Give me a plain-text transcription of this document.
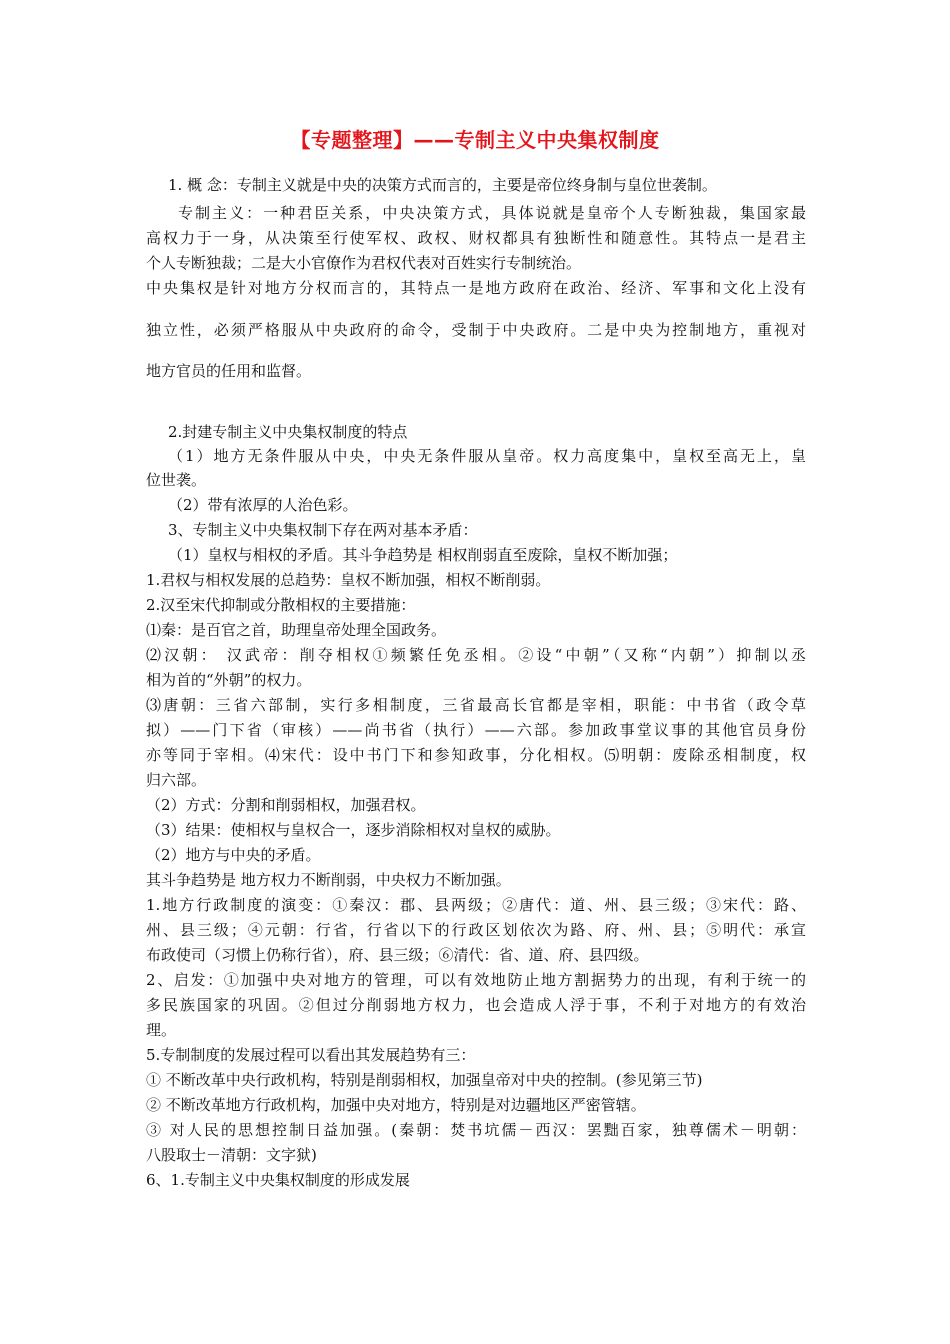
【专题整理】——专制主义中央集权制度
1. 概 念：专制主义就是中央的决策方式而言的，主要是帝位终身制与皇位世袭制。
专制主义：一种君臣关系，中央决策方式，具体说就是皇帝个人专断独裁，集国家最
高权力于一身，从决策至行使军权、政权、财权都具有独断性和随意性。其特点一是君主
个人专断独裁；二是大小官僚作为君权代表对百姓实行专制统治。
中央集权是针对地方分权而言的，其特点一是地方政府在政治、经济、军事和文化上没有
独立性，必须严格服从中央政府的命令，受制于中央政府。二是中央为控制地方，重视对
地方官员的任用和监督。
2.封建专制主义中央集权制度的特点
（1）地方无条件服从中央，中央无条件服从皇帝。权力高度集中，皇权至高无上，皇
位世袭。
（2）带有浓厚的人治色彩。
3、专制主义中央集权制下存在两对基本矛盾：
（1）皇权与相权的矛盾。其斗争趋势是 相权削弱直至废除，皇权不断加强；
1.君权与相权发展的总趋势：皇权不断加强，相权不断削弱。
2.汉至宋代抑制或分散相权的主要措施：
⑴秦：是百官之首，助理皇帝处理全国政务。
⑵汉朝： 汉武帝：削夺相权①频繁任免丞相。②设“中朝”（又称“内朝”）抑制以丞
相为首的“外朝”的权力。
⑶唐朝：三省六部制，实行多相制度，三省最高长官都是宰相，职能：中书省（政令草
拟）——门下省（审核）——尚书省（执行）——六部。参加政事堂议事的其他官员身份
亦等同于宰相。⑷宋代：设中书门下和参知政事，分化相权。⑸明朝：废除丞相制度，权
归六部。
（2）方式：分割和削弱相权，加强君权。
（3）结果：使相权与皇权合一，逐步消除相权对皇权的威胁。
（2）地方与中央的矛盾。
其斗争趋势是 地方权力不断削弱，中央权力不断加强。
1.地方行政制度的演变：①秦汉：郡、县两级；②唐代：道、州、县三级；③宋代：路、
州、县三级；④元朝：行省，行省以下的行政区划依次为路、府、州、县；⑤明代：承宣
布政使司（习惯上仍称行省），府、县三级；⑥清代：省、道、府、县四级。
2、启发：①加强中央对地方的管理，可以有效地防止地方割据势力的出现，有利于统一的
多民族国家的巩固。②但过分削弱地方权力，也会造成人浮于事，不利于对地方的有效治
理。
5.专制制度的发展过程可以看出其发展趋势有三：
① 不断改革中央行政机构，特别是削弱相权，加强皇帝对中央的控制。(参见第三节)
② 不断改革地方行政机构，加强中央对地方，特别是对边疆地区严密管辖。
③ 对人民的思想控制日益加强。(秦朝：焚书坑儒－西汉：罢黜百家，独尊儒术－明朝：
八股取士－清朝：文字狱)
6、1.专制主义中央集权制度的形成发展
